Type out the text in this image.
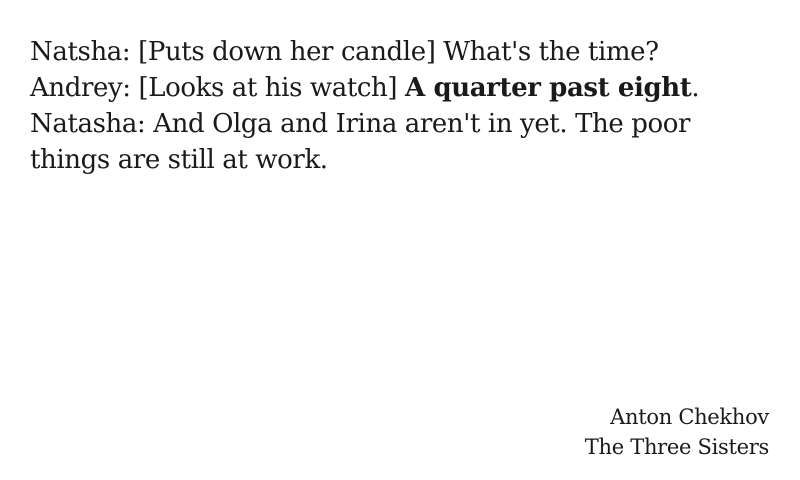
Natsha: [Puts down her candle] What's the time?

Andrey: [Looks at his watch] A quarter past eight.

Natasha: And Olga and Irina aren't in yet. The poor things are still at work.

Anton Chekhov
The Three Sisters
